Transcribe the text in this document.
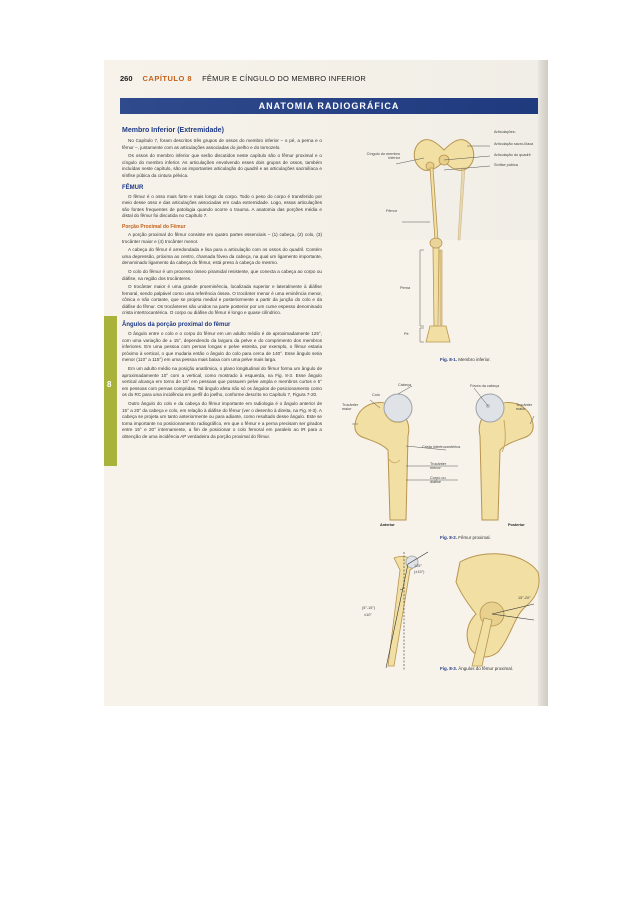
260 CAPÍTULO 8 FÊMUR E CÍNGULO DO MEMBRO INFERIOR
ANATOMIA RADIOGRÁFICA
8
Membro Inferior (Extremidade)

No Capítulo 7, foram descritos três grupos de ossos do membro inferior – o pé, a perna e o fêmur –, juntamente com as articulações associadas do joelho e do tornozelo.

Os ossos do membro inferior que serão discutidos neste capítulo são o fêmur proximal e o cíngulo do membro inferior. As articulações envolvendo esses dois grupos de ossos, também incluídas neste capítulo, são as importantes articulação do quadril e as articulações sacroilíaca e sínfise púbica da cintura pélvica.

FÊMUR

O fêmur é o osso mais forte e mais longo do corpo. Todo o peso do corpo é transferido por meio desse osso e das articulações associadas em cada extremidade. Logo, essas articulações são fontes frequentes de patologia quando ocorre o trauma. A anatomia das porções média e distal do fêmur foi discutida no Capítulo 7.

Porção Proximal do Fêmur

A porção proximal do fêmur consiste em quatro partes essenciais – (1) cabeça, (2) colo, (3) trocânter maior e (4) trocânter menor.

A cabeça do fêmur é arredondada e lisa para a articulação com os ossos do quadril. Contém uma depressão, próxima ao centro, chamada fóvea da cabeça, na qual um ligamento importante, denominado ligamento da cabeça do fêmur, está preso à cabeça do mesmo.

O colo do fêmur é um processo ósseo piramidal resistente, que conecta a cabeça ao corpo ou diáfise, na região dos trocânteres.

O trocânter maior é uma grande proeminência, localizada superior e lateralmente à diáfise femoral, sendo palpável como uma referência óssea. O trocânter menor é uma eminência menor, cônica e não cortante, que se projeta medial e posteriormente a partir da junção do colo e da diáfise do fêmur. Os trocânteres são unidos na parte posterior por um cume espesso denominado crista intertrocantérica. O corpo ou diáfise do fêmur é longo e quase cilíndrico.

Ângulos da porção proximal do fêmur

O ângulo entre o colo e o corpo do fêmur em um adulto médio é de aproximadamente 125°, com uma variação de ± 15°, dependendo da largura da pelve e do comprimento dos membros inferiores. Em uma pessoa com pernas longas e pelve estreita, por exemplo, o fêmur estaria próximo à vertical, o que mudaria então o ângulo do colo para cerca de 140°. Esse ângulo seria menor (110° a 115°) em uma pessoa mais baixa com uma pelve mais larga.

Em um adulto médio na posição anatômica, o plano longitudinal do fêmur forma um ângulo de aproximadamente 10° com a vertical, como mostrado à esquerda, na Fig. 8-3. Esse ângulo vertical alcança em torno de 15° em pessoas que possuem pelve ampla e membros curtos e 5° em pessoas com pernas compridas. Tal ângulo afeta não só os ângulos de posicionamento como os do RC para uma incidência em perfil do joelho, conforme descrito no Capítulo 7, Figura 7-20.

Outro ângulo do colo e da cabeça do fêmur importante em radiologia é o ângulo anterior de 15° a 20° da cabeça e colo, em relação à diáfise do fêmur (ver o desenho à direita, na Fig. 8-3). A cabeça se projeta um tanto anteriormente ou para adiante, como resultado desse ângulo. Este se torna importante no posicionamento radiográfico, em que o fêmur e a perna precisam ser girados entre 15° e 20° internamente, a fim de posicionar o colo femoral em paralelo ao IR para a obtenção de uma incidência AP verdadeira da porção proximal do fêmur.

Articulações:
Articulação sacro-ilíaca
Articulação do quadril
Sínfise púbica
Cíngulo do membro inferior
Fêmur
Perna
Pé
Fig. 8-1. Membro inferior.
Cabeça
Colo
Fóvea da cabeça
Trocânter maior
Trocânter maior
Crista intertrocantérica
Trocânter menor
Corpo ou diáfise
Anterior	Posterior
Fig. 8-2. Fêmur proximal.
125°
(±15°)
15°-20°
(5°-15°)
±10°
Fig. 8-3. Ângulos do fêmur proximal.
